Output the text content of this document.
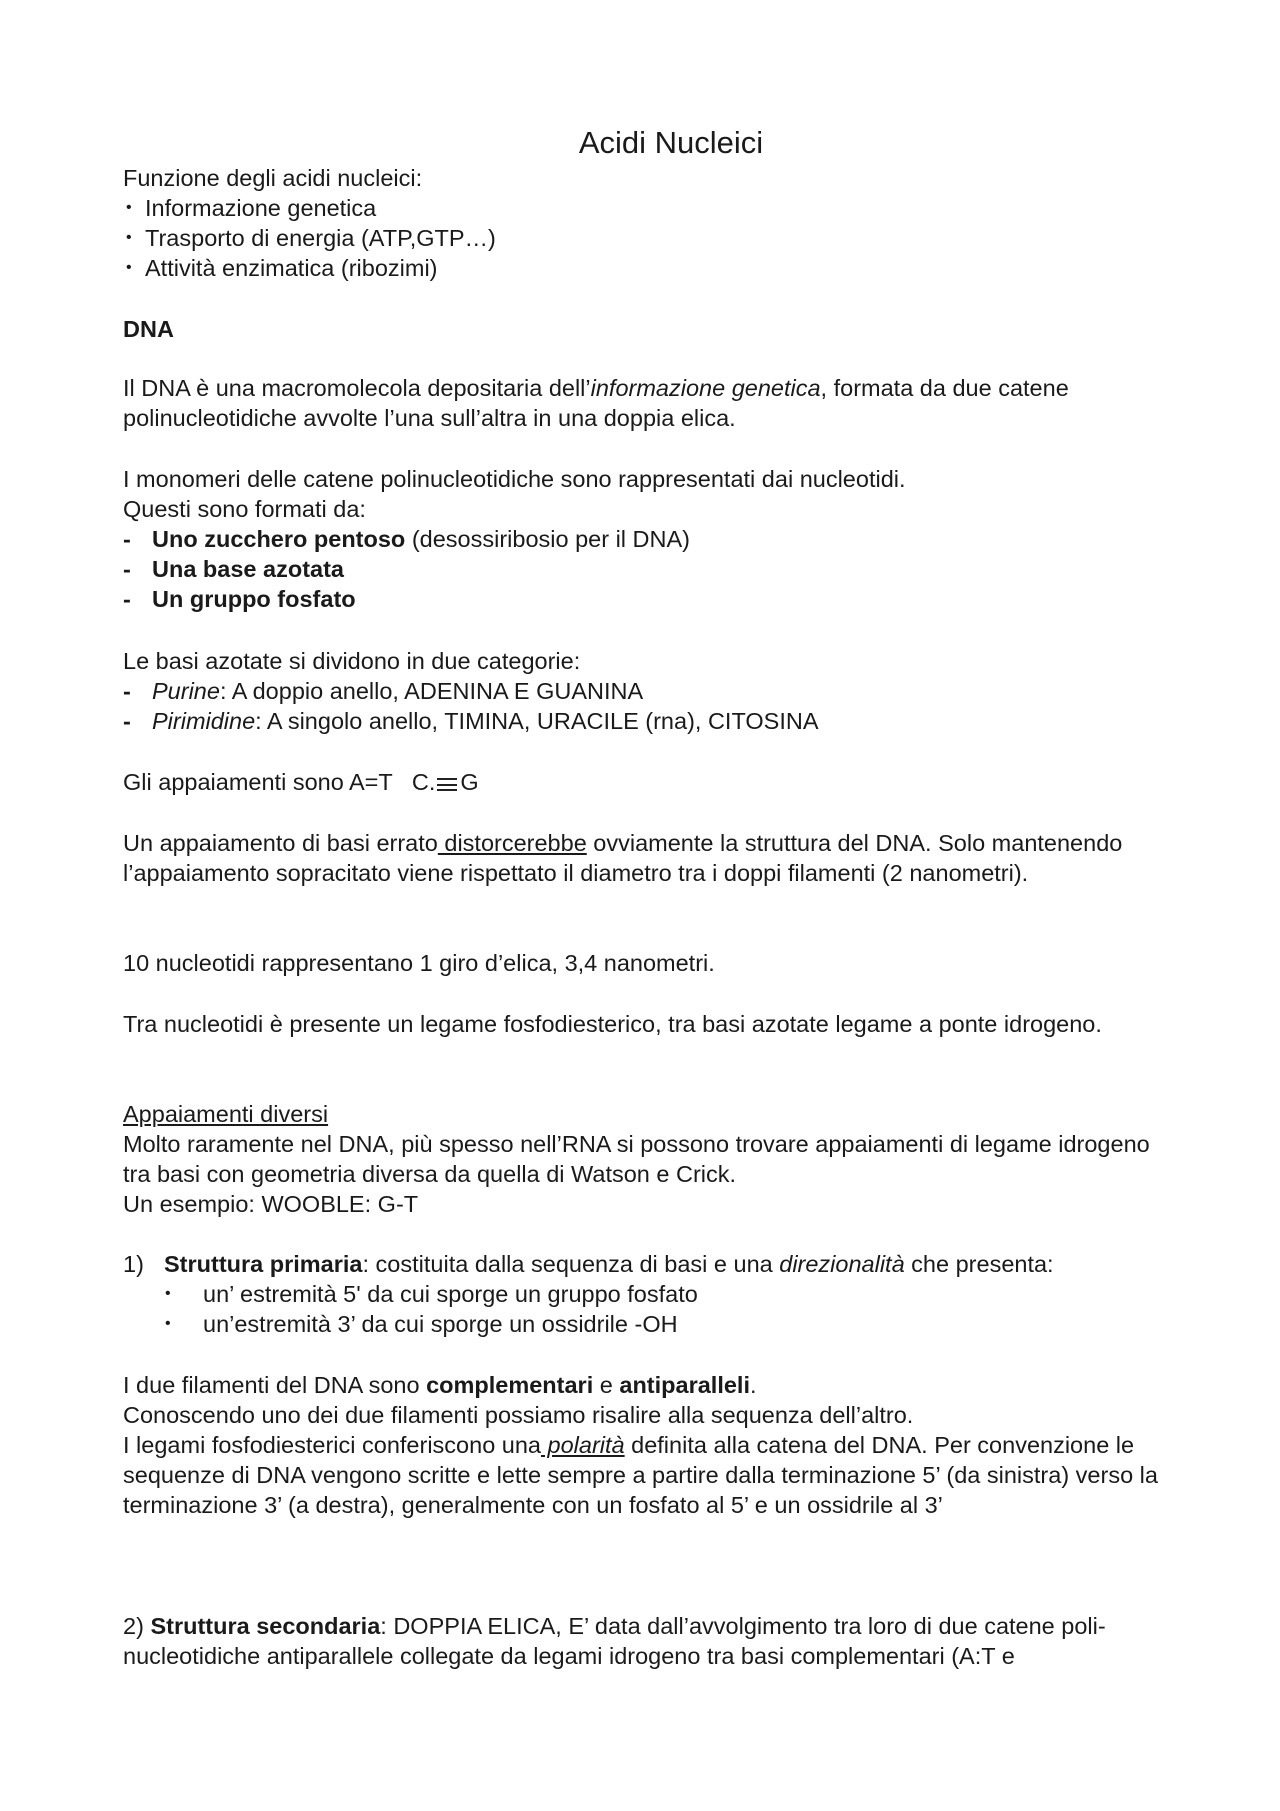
Acidi Nucleici

Funzione degli acidi nucleici:

• Informazione genetica

• Trasporto di energia (ATP,GTP…)

• Attività enzimatica (ribozimi)

DNA

Il DNA è una macromolecola depositaria dell’informazione genetica, formata da due catene polinucleotidiche avvolte l’una sull’altra in una doppia elica.

I monomeri delle catene polinucleotidiche sono rappresentati dai nucleotidi.

Questi sono formati da:

- Uno zucchero pentoso (desossiribosio per il DNA)

- Una base azotata

- Un gruppo fosfato

Le basi azotate si dividono in due categorie:

- Purine: A doppio anello, ADENINA E GUANINA

- Pirimidine: A singolo anello, TIMINA, URACILE (rna), CITOSINA

Gli appaiamenti sono A=T   C. G

Un appaiamento di basi errato distorcerebbe ovviamente la struttura del DNA. Solo mantenendo l’appaiamento sopracitato viene rispettato il diametro tra i doppi filamenti (2 nanometri).

10 nucleotidi rappresentano 1 giro d’elica, 3,4 nanometri.
Tra nucleotidi è presente un legame fosfodiesterico, tra basi azotate legame a ponte idrogeno.

Appaiamenti diversi

Molto raramente nel DNA, più spesso nell’RNA si possono trovare appaiamenti di legame idrogeno tra basi con geometria diversa da quella di Watson e Crick.

Un esempio: WOOBLE: G-T

1) Struttura primaria: costituita dalla sequenza di basi e una direzionalità che presenta:

• un’ estremità 5' da cui sporge un gruppo fosfato

• un’estremità 3’ da cui sporge un ossidrile -OH

I due filamenti del DNA sono complementari e antiparalleli.

Conoscendo uno dei due filamenti possiamo risalire alla sequenza dell’altro.

I legami fosfodiesterici conferiscono una polarità definita alla catena del DNA. Per convenzione le sequenze di DNA vengono scritte e lette sempre a partire dalla terminazione 5’ (da sinistra) verso la terminazione 3’ (a destra), generalmente con un fosfato al 5’ e un ossidrile al 3’

2) Struttura secondaria: DOPPIA ELICA, E’ data dall’avvolgimento tra loro di due catene poli- nucleotidiche antiparallele collegate da legami idrogeno tra basi complementari (A:T e
